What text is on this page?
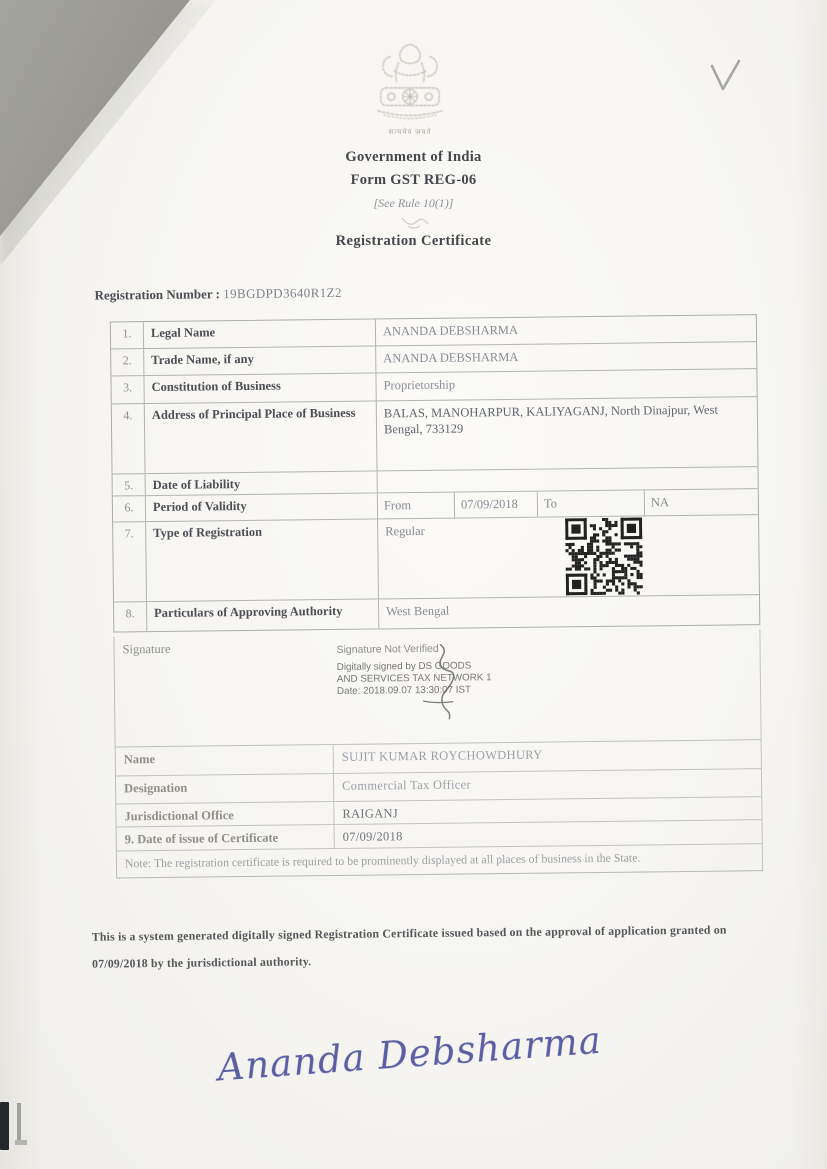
सत्यमेव जयते
Government of India
Form GST REG-06
[See Rule 10(1)]
Registration Certificate
Registration Number : 19BGDPD3640R1Z2
1.	Legal Name	ANANDA DEBSHARMA
2.	Trade Name, if any	ANANDA DEBSHARMA
3.	Constitution of Business	Proprietorship
4.	Address of Principal Place of Business	BALAS, MANOHARPUR, KALIYAGANJ, North Dinajpur, West Bengal, 733129
5.	Date of Liability
6.	Period of Validity	From	07/09/2018	To	NA
7.	Type of Registration	Regular
8.	Particulars of Approving Authority	West Bengal
Signature	Signature Not Verified
Digitally signed by DS GOODS
AND SERVICES TAX NETWORK 1
Date: 2018.09.07 13:30:07 IST
Name	SUJIT KUMAR ROYCHOWDHURY
Designation	Commercial Tax Officer
Jurisdictional Office	RAIGANJ
9. Date of issue of Certificate	07/09/2018
Note: The registration certificate is required to be prominently displayed at all places of business in the State.
This is a system generated digitally signed Registration Certificate issued based on the approval of application granted on 07/09/2018 by the jurisdictional authority.
Ananda Debsharma
